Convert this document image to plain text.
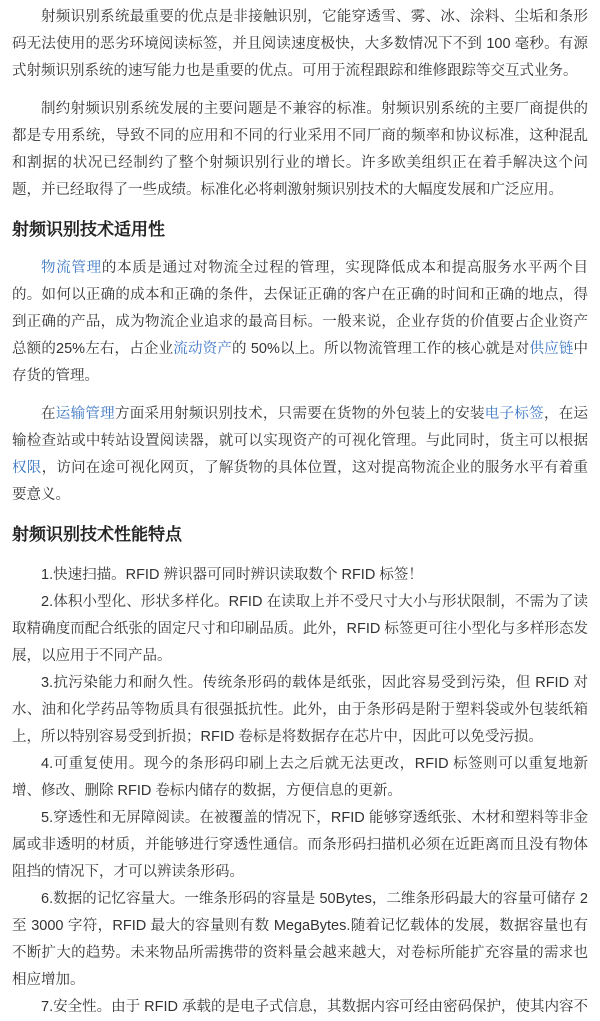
射频识别系统最重要的优点是非接触识别，它能穿透雪、雾、冰、涂料、尘垢和条形码无法使用的恶劣环境阅读标签，并且阅读速度极快，大多数情况下不到 100 毫秒。有源式射频识别系统的速写能力也是重要的优点。可用于流程跟踪和维修跟踪等交互式业务。

制约射频识别系统发展的主要问题是不兼容的标准。射频识别系统的主要厂商提供的都是专用系统，导致不同的应用和不同的行业采用不同厂商的频率和协议标准，这种混乱和割据的状况已经制约了整个射频识别行业的增长。许多欧美组织正在着手解决这个问题，并已经取得了一些成绩。标准化必将刺激射频识别技术的大幅度发展和广泛应用。

射频识别技术适用性

物流管理的本质是通过对物流全过程的管理，实现降低成本和提高服务水平两个目的。如何以正确的成本和正确的条件，去保证正确的客户在正确的时间和正确的地点，得到正确的产品，成为物流企业追求的最高目标。一般来说，企业存货的价值要占企业资产总额的25%左右，占企业流动资产的 50%以上。所以物流管理工作的核心就是对供应链中存货的管理。

在运输管理方面采用射频识别技术，只需要在货物的外包装上的安装电子标签，在运输检查站或中转站设置阅读器，就可以实现资产的可视化管理。与此同时，货主可以根据权限，访问在途可视化网页，了解货物的具体位置，这对提高物流企业的服务水平有着重要意义。

射频识别技术性能特点

1.快速扫描。RFID 辨识器可同时辨识读取数个 RFID 标签！

2.体积小型化、形状多样化。RFID 在读取上并不受尺寸大小与形状限制，不需为了读取精确度而配合纸张的固定尺寸和印刷品质。此外，RFID 标签更可往小型化与多样形态发展，以应用于不同产品。

3.抗污染能力和耐久性。传统条形码的载体是纸张，因此容易受到污染，但 RFID 对水、油和化学药品等物质具有很强抵抗性。此外，由于条形码是附于塑料袋或外包装纸箱上，所以特别容易受到折损；RFID 卷标是将数据存在芯片中，因此可以免受污损。

4.可重复使用。现今的条形码印刷上去之后就无法更改，RFID 标签则可以重复地新增、修改、删除 RFID 卷标内储存的数据，方便信息的更新。

5.穿透性和无屏障阅读。在被覆盖的情况下，RFID 能够穿透纸张、木材和塑料等非金属或非透明的材质，并能够进行穿透性通信。而条形码扫描机必须在近距离而且没有物体阻挡的情况下，才可以辨读条形码。

6.数据的记忆容量大。一维条形码的容量是 50Bytes，二维条形码最大的容量可储存 2 至 3000 字符，RFID 最大的容量则有数 MegaBytes.随着记忆载体的发展，数据容量也有不断扩大的趋势。未来物品所需携带的资料量会越来越大，对卷标所能扩充容量的需求也相应增加。

7.安全性。由于 RFID 承载的是电子式信息，其数据内容可经由密码保护，使其内容不
